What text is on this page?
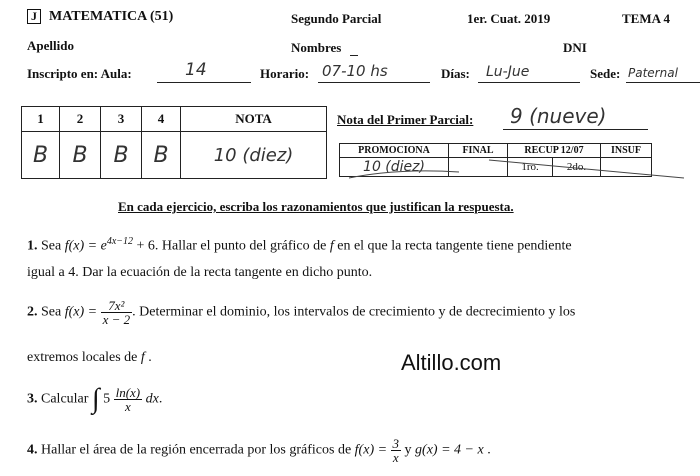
J MATEMATICA (51)	Segundo Parcial	1er. Cuat. 2019	TEMA 4
Apellido	Nombres	DNI
Inscripto en: Aula:	14	Horario: 07-10 hs	Días: Lu-Jue	Sede: Paternal
1	2	3	4	NOTA
B	B	B	B	10 (diez)
Nota del Primer Parcial: 9 (nueve)
PROMOCIONA	FINAL	RECUP 12/07		INSUF
10 (diez)		1ro.	2do.	
En cada ejercicio, escriba los razonamientos que justifican la respuesta.
1. Sea $f(x) = e^{4x-12} + 6$. Hallar el punto del gráfico de f en el que la recta tangente tiene pendiente
igual a 4. Dar la ecuación de la recta tangente en dicho punto.
2. Sea $f(x) = \frac{\text{7x²}}{x - 2}$ . Determinar el dominio, los intervalos de crecimiento y de decrecimiento y los
extremos locales de f .	Altillo.com
3. Calcular ∫ $5 \frac{\ln(x)}{x}$ dx.
4. Hallar el área de la región encerrada por los gráficos de $f(x) = \frac{3}{x}$ y g(x) = 4 − x .
